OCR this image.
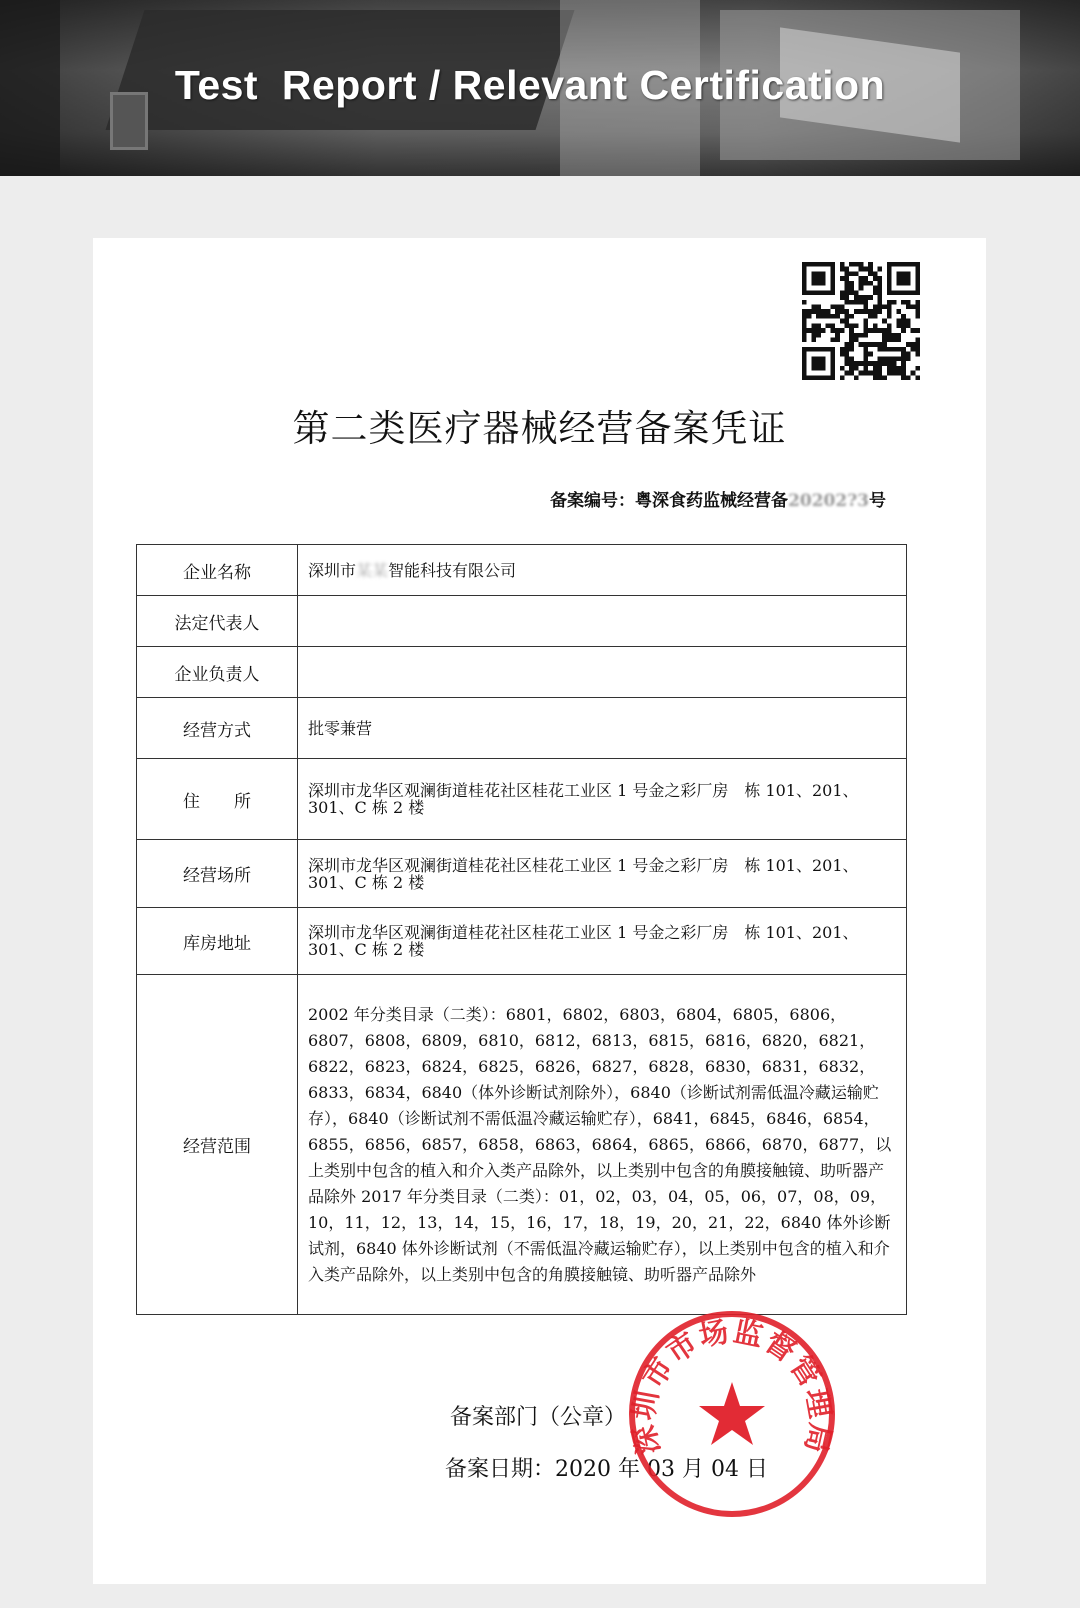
Test  Report / Relevant Certification
第二类医疗器械经营备案凭证
备案编号：粤深食药监械经营备20202?3号
企业名称	深圳市某某智能科技有限公司
法定代表人	
企业负责人	
经营方式	批零兼营
住　　所	深圳市龙华区观澜街道桂花社区桂花工业区 1 号金之彩厂房　栋 101、201、301、C 栋 2 楼
经营场所	深圳市龙华区观澜街道桂花社区桂花工业区 1 号金之彩厂房　栋 101、201、301、C 栋 2 楼
库房地址	深圳市龙华区观澜街道桂花社区桂花工业区 1 号金之彩厂房　栋 101、201、301、C 栋 2 楼
经营范围	2002 年分类目录（二类）：6801，6802，6803，6804，6805，6806，6807，6808，6809，6810，6812，6813，6815，6816，6820，6821，6822，6823，6824，6825，6826，6827，6828，6830，6831，6832，6833，6834，6840（体外诊断试剂除外），6840（诊断试剂需低温冷藏运输贮存），6840（诊断试剂不需低温冷藏运输贮存），6841，6845，6846，6854，6855，6856，6857，6858，6863，6864，6865，6866，6870，6877，以上类别中包含的植入和介入类产品除外，以上类别中包含的角膜接触镜、助听器产品除外 2017 年分类目录（二类）：01，02，03，04，05，06，07，08，09，10，11，12，13，14，15，16，17，18，19，20，21，22，6840 体外诊断试剂，6840 体外诊断试剂（不需低温冷藏运输贮存），以上类别中包含的植入和介入类产品除外，以上类别中包含的角膜接触镜、助听器产品除外
备案部门（公章）
备案日期：2020 年 03 月 04 日
深圳市市场监督管理局
